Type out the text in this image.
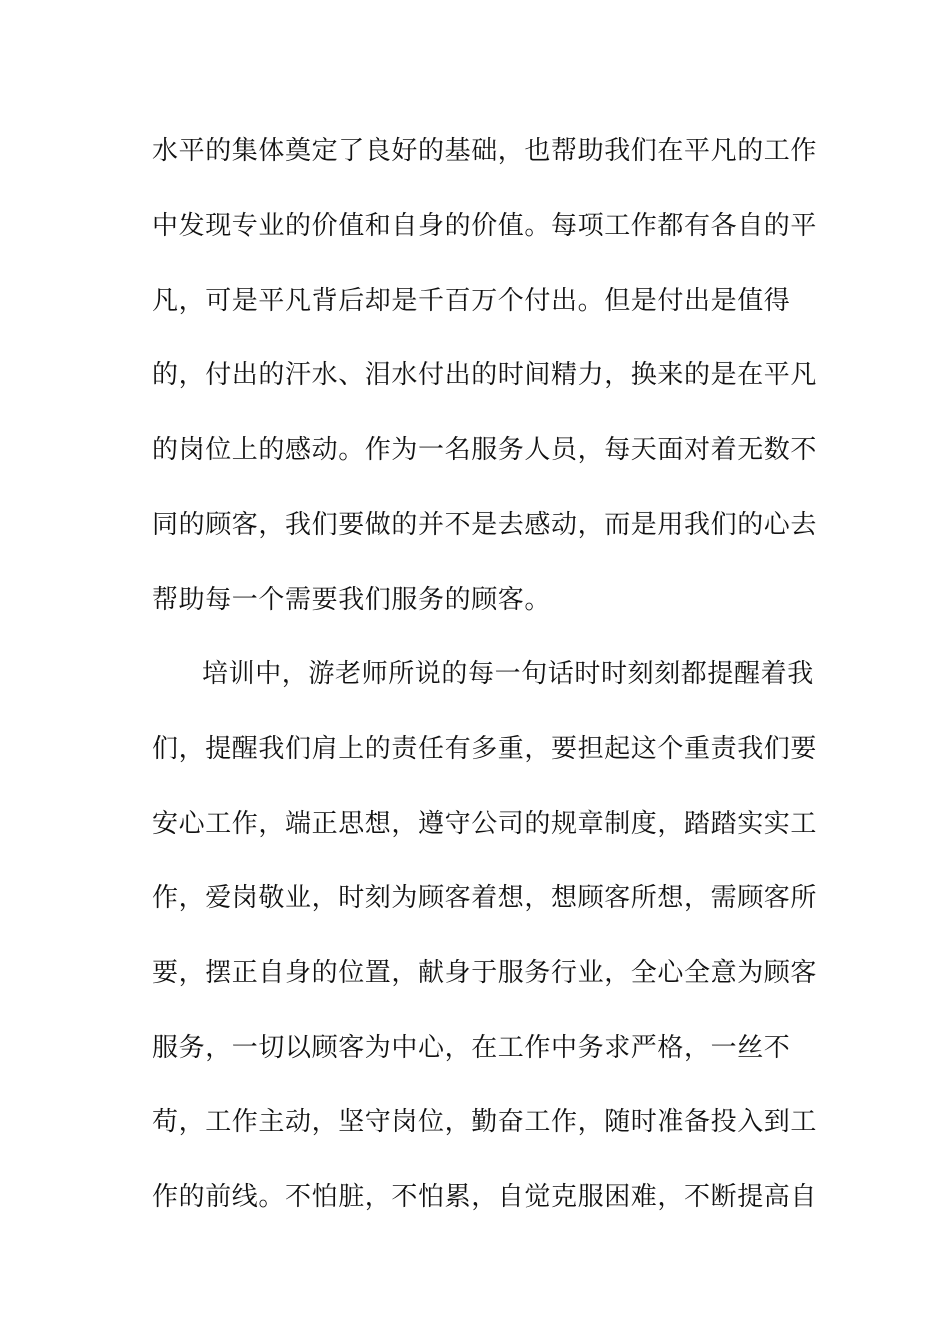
水平的集体奠定了良好的基础，也帮助我们在平凡的工作
中发现专业的价值和自身的价值。每项工作都有各自的平
凡，可是平凡背后却是千百万个付出。但是付出是值得
的，付出的汗水、泪水付出的时间精力，换来的是在平凡
的岗位上的感动。作为一名服务人员，每天面对着无数不
同的顾客，我们要做的并不是去感动，而是用我们的心去
帮助每一个需要我们服务的顾客。
培训中，游老师所说的每一句话时时刻刻都提醒着我
们，提醒我们肩上的责任有多重，要担起这个重责我们要
安心工作，端正思想，遵守公司的规章制度，踏踏实实工
作，爱岗敬业，时刻为顾客着想，想顾客所想，需顾客所
要，摆正自身的位置，献身于服务行业，全心全意为顾客
服务，一切以顾客为中心，在工作中务求严格，一丝不
苟，工作主动，坚守岗位，勤奋工作，随时准备投入到工
作的前线。不怕脏，不怕累，自觉克服困难，不断提高自
